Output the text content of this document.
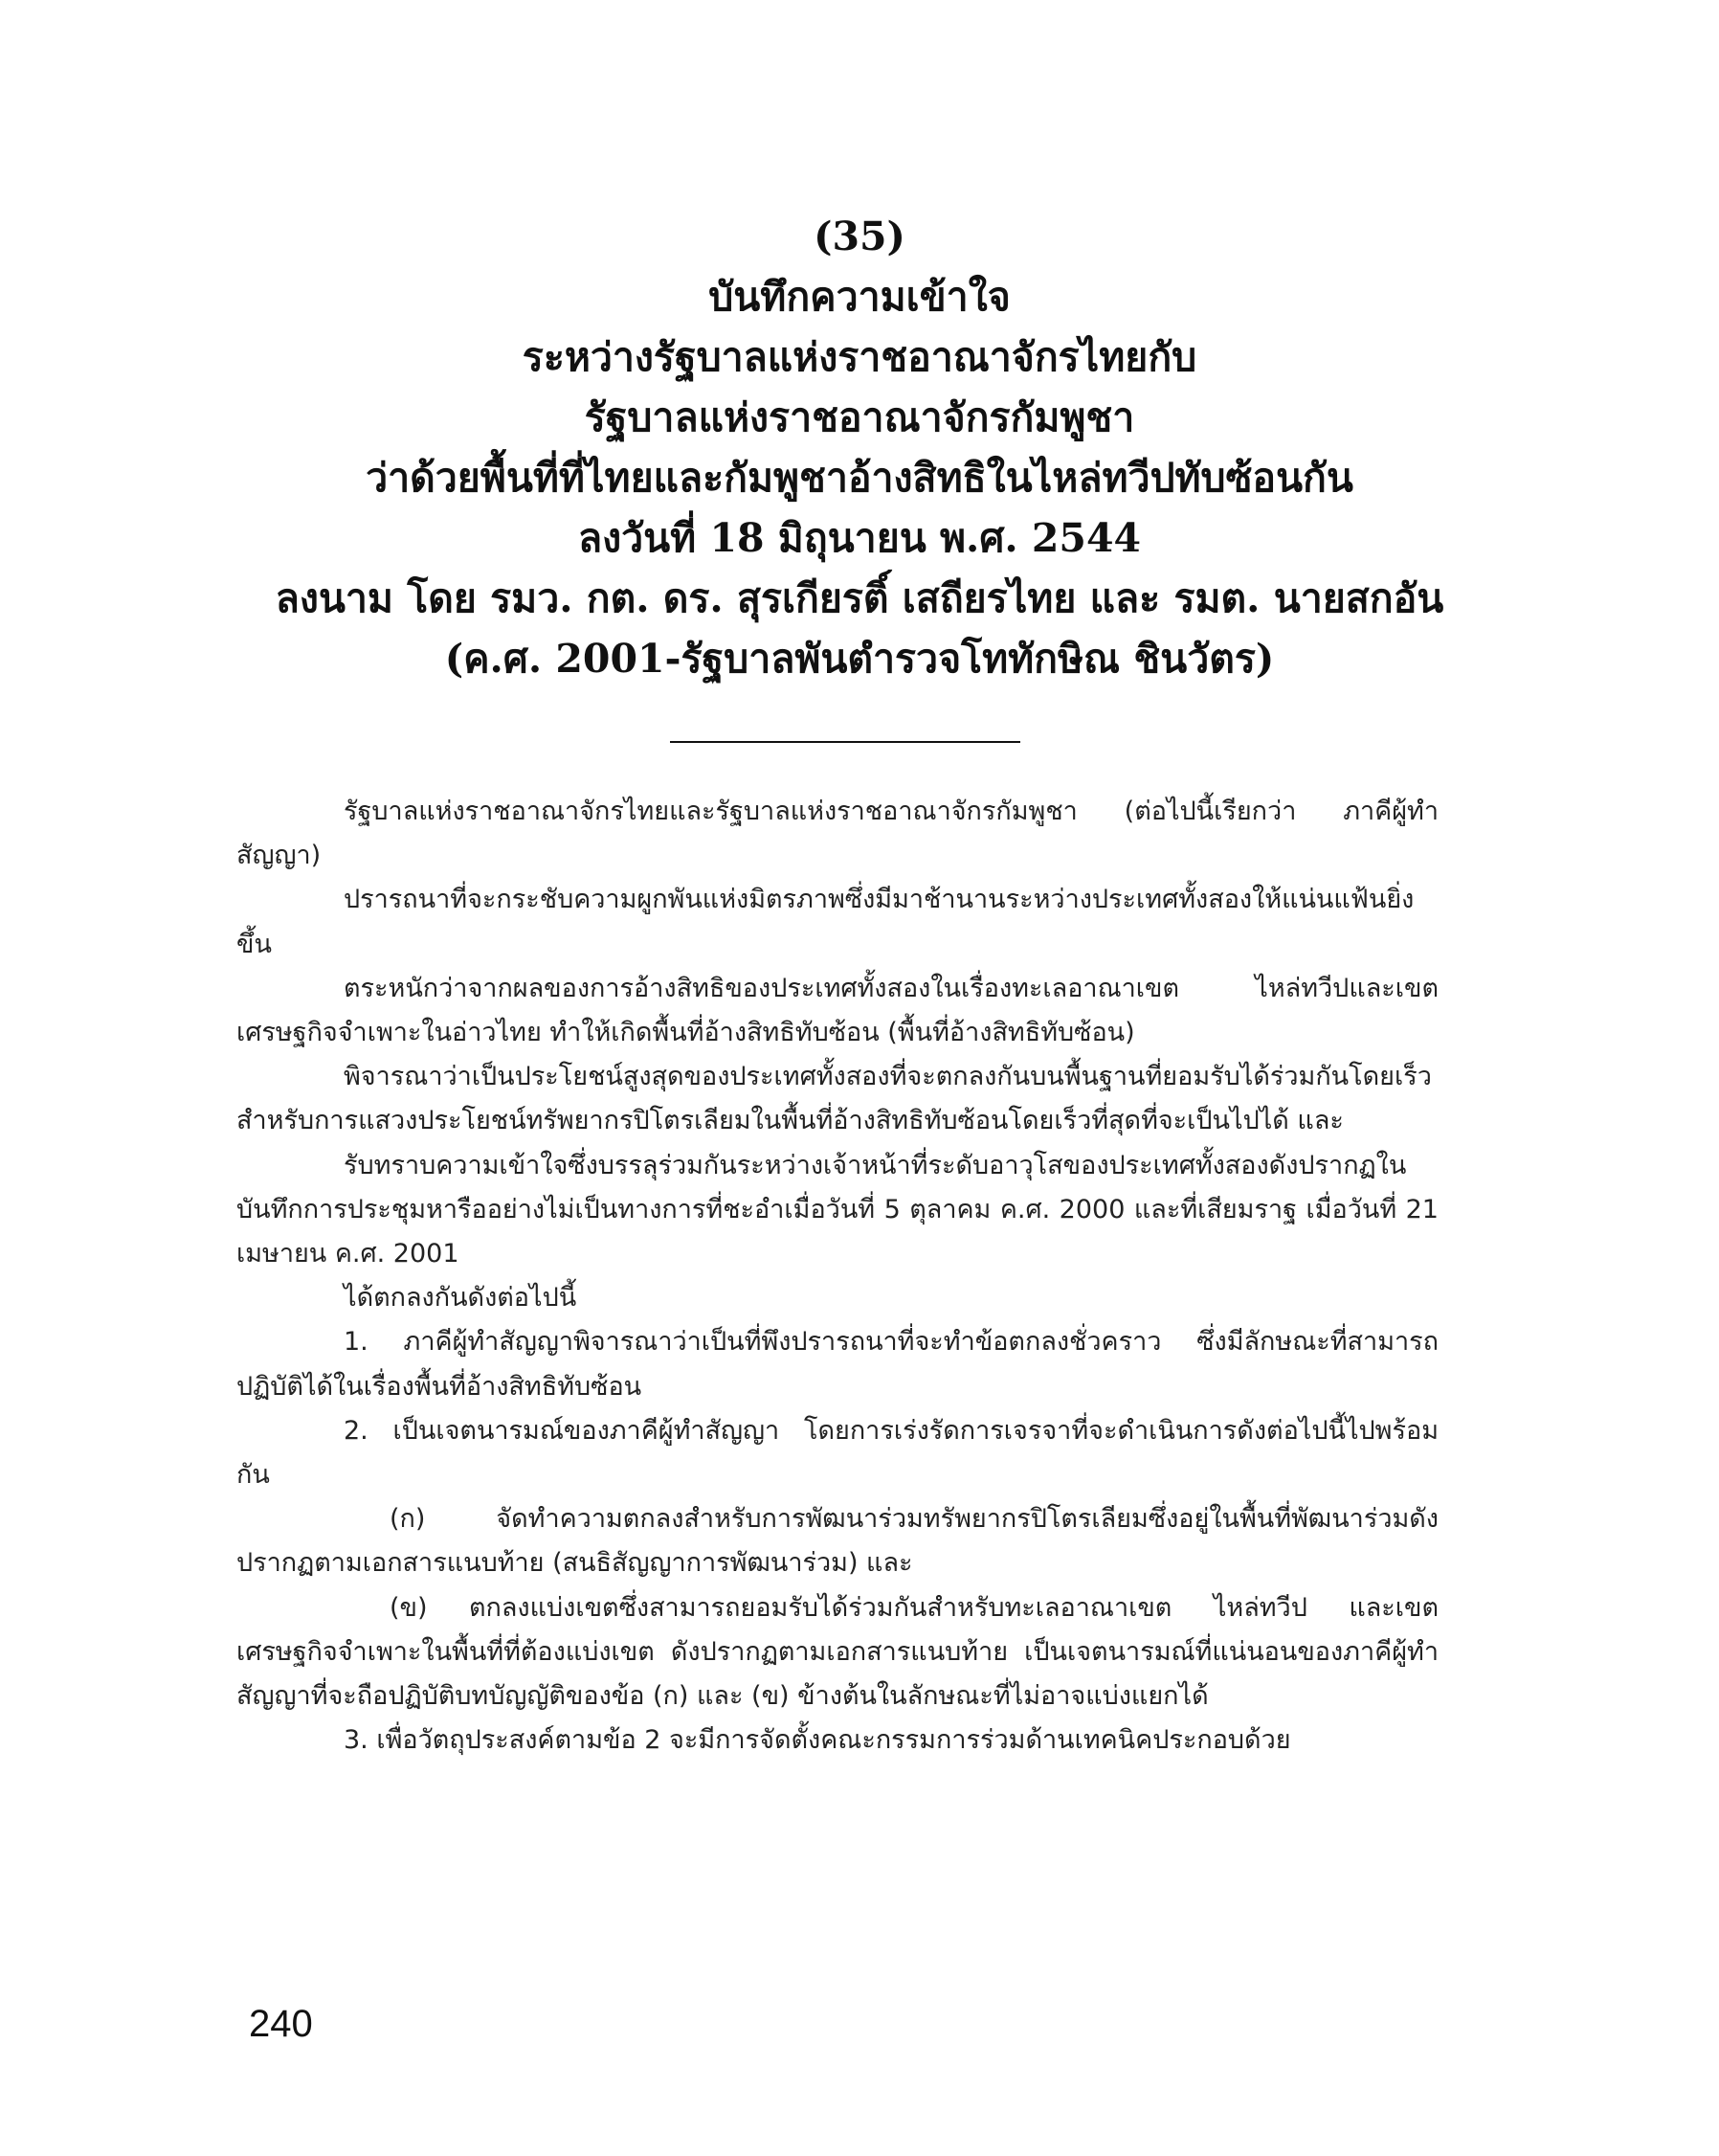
(35)
บันทึกความเข้าใจ
ระหว่างรัฐบาลแห่งราชอาณาจักรไทยกับ
รัฐบาลแห่งราชอาณาจักรกัมพูชา
ว่าด้วยพื้นที่ที่ไทยและกัมพูชาอ้างสิทธิในไหล่ทวีปทับซ้อนกัน
ลงวันที่ 18 มิถุนายน พ.ศ. 2544
ลงนาม โดย รมว. กต. ดร. สุรเกียรติ์ เสถียรไทย และ รมต. นายสกอัน
(ค.ศ. 2001-รัฐบาลพันตำรวจโททักษิณ ชินวัตร)

รัฐบาลแห่งราชอาณาจักรไทยและรัฐบาลแห่งราชอาณาจักรกัมพูชา (ต่อไปนี้เรียกว่า ภาคีผู้ทำสัญญา)

ปรารถนาที่จะกระชับความผูกพันแห่งมิตรภาพซึ่งมีมาช้านานระหว่างประเทศทั้งสองให้แน่นแฟ้นยิ่งขึ้น

ตระหนักว่าจากผลของการอ้างสิทธิของประเทศทั้งสองในเรื่องทะเลอาณาเขต ไหล่ทวีปและเขตเศรษฐกิจจำเพาะในอ่าวไทย ทำให้เกิดพื้นที่อ้างสิทธิทับซ้อน (พื้นที่อ้างสิทธิทับซ้อน)

พิจารณาว่าเป็นประโยชน์สูงสุดของประเทศทั้งสองที่จะตกลงกันบนพื้นฐานที่ยอมรับได้ร่วมกันโดยเร็วสำหรับการแสวงประโยชน์ทรัพยากรปิโตรเลียมในพื้นที่อ้างสิทธิทับซ้อนโดยเร็วที่สุดที่จะเป็นไปได้ และ

รับทราบความเข้าใจซึ่งบรรลุร่วมกันระหว่างเจ้าหน้าที่ระดับอาวุโสของประเทศทั้งสองดังปรากฏในบันทึกการประชุมหารืออย่างไม่เป็นทางการที่ชะอำเมื่อวันที่ 5 ตุลาคม ค.ศ. 2000 และที่เสียมราฐ เมื่อวันที่ 21 เมษายน ค.ศ. 2001

ได้ตกลงกันดังต่อไปนี้

1. ภาคีผู้ทำสัญญาพิจารณาว่าเป็นที่พึงปรารถนาที่จะทำข้อตกลงชั่วคราว ซึ่งมีลักษณะที่สามารถปฏิบัติได้ในเรื่องพื้นที่อ้างสิทธิทับซ้อน

2. เป็นเจตนารมณ์ของภาคีผู้ทำสัญญา โดยการเร่งรัดการเจรจาที่จะดำเนินการดังต่อไปนี้ไปพร้อมกัน

(ก) จัดทำความตกลงสำหรับการพัฒนาร่วมทรัพยากรปิโตรเลียมซึ่งอยู่ในพื้นที่พัฒนาร่วมดังปรากฏตามเอกสารแนบท้าย (สนธิสัญญาการพัฒนาร่วม) และ

(ข) ตกลงแบ่งเขตซึ่งสามารถยอมรับได้ร่วมกันสำหรับทะเลอาณาเขต ไหล่ทวีป และเขตเศรษฐกิจจำเพาะในพื้นที่ที่ต้องแบ่งเขต ดังปรากฏตามเอกสารแนบท้าย เป็นเจตนารมณ์ที่แน่นอนของภาคีผู้ทำสัญญาที่จะถือปฏิบัติบทบัญญัติของข้อ (ก) และ (ข) ข้างต้นในลักษณะที่ไม่อาจแบ่งแยกได้

3. เพื่อวัตถุประสงค์ตามข้อ 2 จะมีการจัดตั้งคณะกรรมการร่วมด้านเทคนิคประกอบด้วย

240
